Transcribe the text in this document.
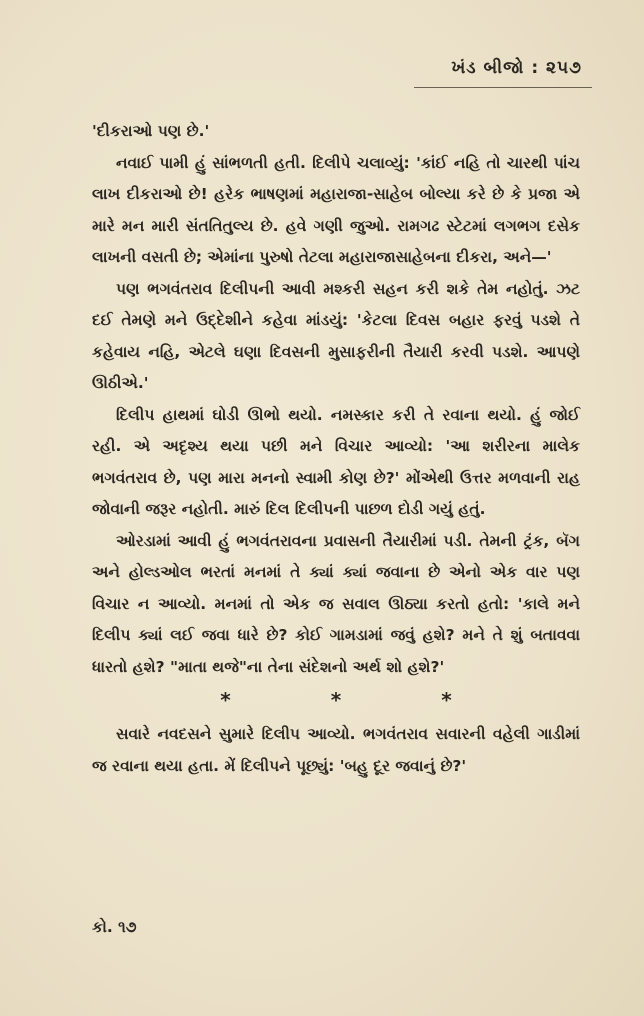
ખંડ બીજો : ૨૫૭

'દીકરાઓ પણ છે.'

નવાઈ પામી હું સાંભળતી હતી. દિલીપે ચલાવ્યું: 'કાંઈ નહિ તો ચારથી પાંચ લાખ દીકરાઓ છે! હરેક ભાષણમાં મહારાજા-સાહેબ બોલ્યા કરે છે કે પ્રજા એ મારે મન મારી સંતતિતુલ્ય છે. હવે ગણી જુઓ. રામગઢ સ્ટેટમાં લગભગ દસેક લાખની વસતી છે; એમાંના પુરુષો તેટલા મહારાજાસાહેબના દીકરા, અને—'

પણ ભગવંતરાવ દિલીપની આવી મશ્કરી સહન કરી શકે તેમ નહોતું. ઝટ દઈ તેમણે મને ઉદ્દેશીને કહેવા માંડયું: 'કેટલા દિવસ બહાર ફરવું પડશે તે કહેવાય નહિ, એટલે ઘણા દિવસની મુસાફરીની તૈયારી કરવી પડશે. આપણે ઊઠીએ.'

દિલીપ હાથમાં ઘોડી ઊભો થયો. નમસ્કાર કરી તે રવાના થયો. હું જોઈ રહી. એ અદૃશ્ય થયા પછી મને વિચાર આવ્યો: 'આ શરીરના માલેક ભગવંતરાવ છે, પણ મારા મનનો સ્વામી કોણ છે?' મોંએથી ઉત્તર મળવાની રાહ જોવાની જરૂર નહોતી. મારું દિલ દિલીપની પાછળ દોડી ગયું હતું.

ઓરડામાં આવી હું ભગવંતરાવના પ્રવાસની તૈયારીમાં પડી. તેમની ટ્રંક, બૅગ અને હોલ્ડઓલ ભરતાં મનમાં તે ક્યાં ક્યાં જવાના છે એનો એક વાર પણ વિચાર ન આવ્યો. મનમાં તો એક જ સવાલ ઊઠ્યા કરતો હતો: 'કાલે મને દિલીપ ક્યાં લઈ જવા ધારે છે? કોઈ ગામડામાં જવું હશે? મને તે શું બતાવવા ધારતો હશે? "માતા થજે"ના તેના સંદેશનો અર્થ શો હશે?'

*	*	*

સવારે નવદસને સુમારે દિલીપ આવ્યો. ભગવંતરાવ સવારની વહેલી ગાડીમાં જ રવાના થયા હતા. મેં દિલીપને પૂછ્યું: 'બહુ દૂર જવાનું છે?'

કો. ૧૭
